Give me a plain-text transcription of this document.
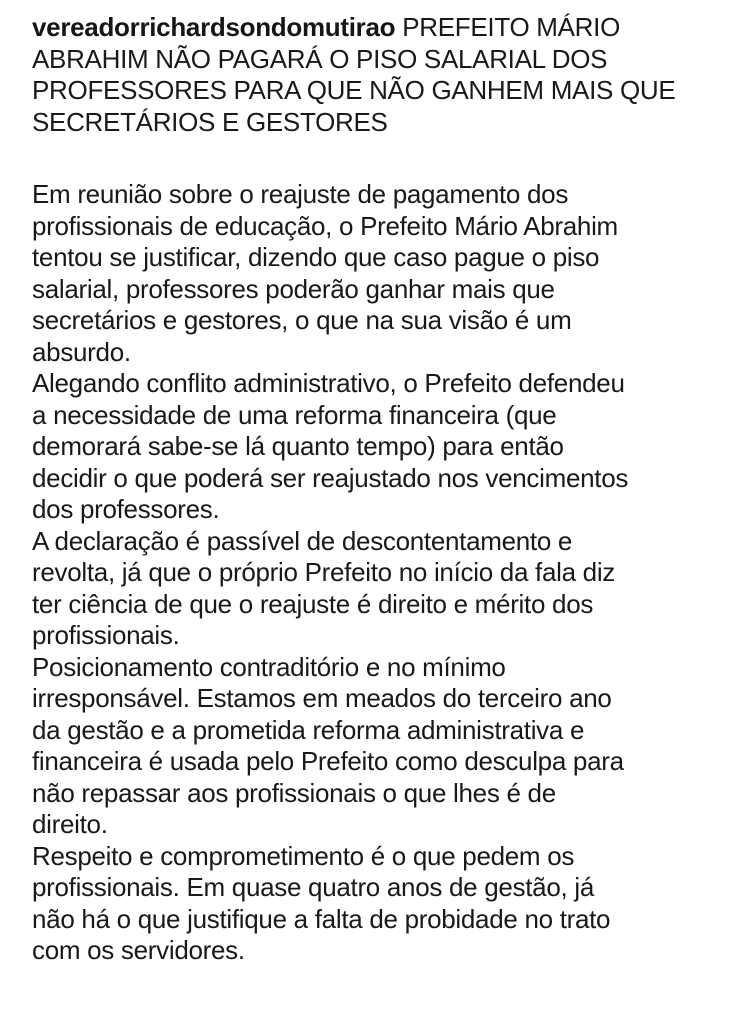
vereadorrichardsondomutirao PREFEITO MÁRIO
ABRAHIM NÃO PAGARÁ O PISO SALARIAL DOS
PROFESSORES PARA QUE NÃO GANHEM MAIS QUE
SECRETÁRIOS E GESTORES
Em reunião sobre o reajuste de pagamento dos
profissionais de educação, o Prefeito Mário Abrahim
tentou se justificar, dizendo que caso pague o piso
salarial, professores poderão ganhar mais que
secretários e gestores, o que na sua visão é um
absurdo.
Alegando conflito administrativo, o Prefeito defendeu
a necessidade de uma reforma financeira (que
demorará sabe-se lá quanto tempo) para então
decidir o que poderá ser reajustado nos vencimentos
dos professores.
A declaração é passível de descontentamento e
revolta, já que o próprio Prefeito no início da fala diz
ter ciência de que o reajuste é direito e mérito dos
profissionais.
Posicionamento contraditório e no mínimo
irresponsável. Estamos em meados do terceiro ano
da gestão e a prometida reforma administrativa e
financeira é usada pelo Prefeito como desculpa para
não repassar aos profissionais o que lhes é de
direito.
Respeito e comprometimento é o que pedem os
profissionais. Em quase quatro anos de gestão, já
não há o que justifique a falta de probidade no trato
com os servidores.
